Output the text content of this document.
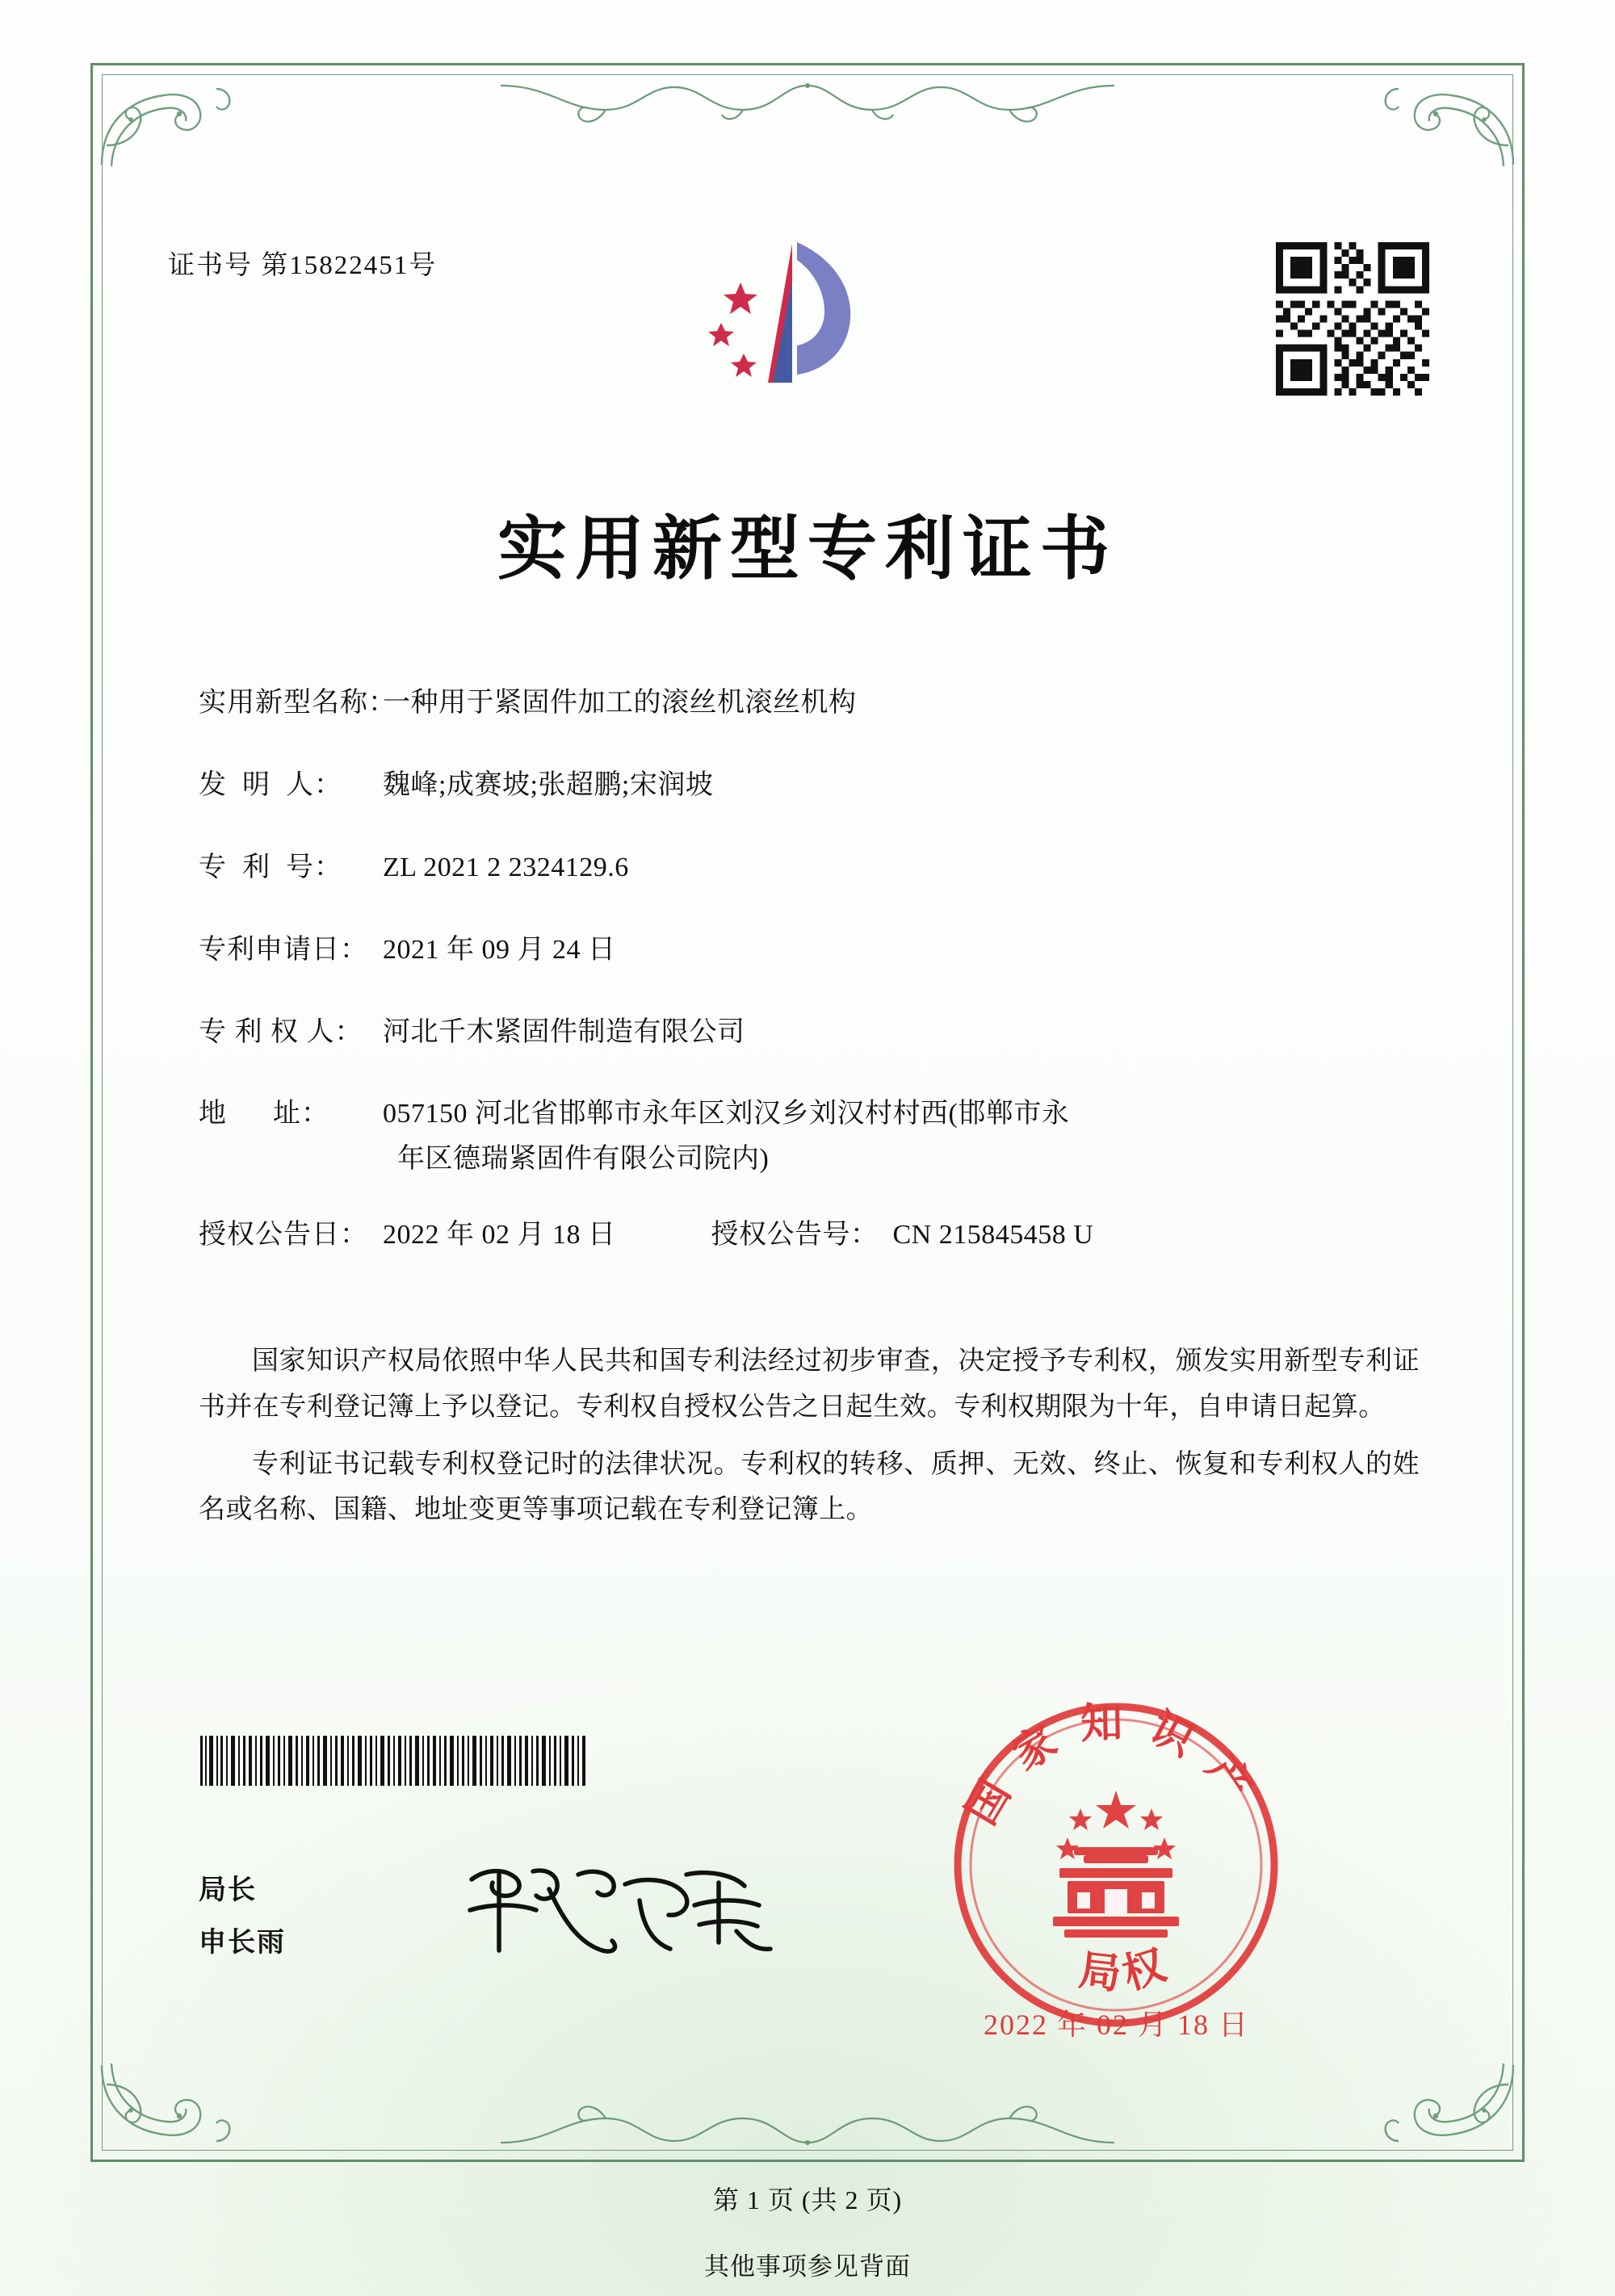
证书号 第15822451号
实用新型专利证书
实用新型名称：
一种用于紧固件加工的滚丝机滚丝机构
发  明  人：	魏峰;成赛坡;张超鹏;宋润坡
专  利  号：	ZL 2021 2 2324129.6
专利申请日： 2021 年 09 月 24 日
专 利 权 人： 河北千木紧固件制造有限公司
地      址：	057150 河北省邯郸市永年区刘汉乡刘汉村村西(邯郸市永
年区德瑞紧固件有限公司院内)
授权公告日： 2022 年 02 月 18 日	授权公告号： CN 215845458 U

国家知识产权局依照中华人民共和国专利法经过初步审查，决定授予专利权，颁发实用新型专利证书并在专利登记簿上予以登记。专利权自授权公告之日起生效。专利权期限为十年，自申请日起算。

专利证书记载专利权登记时的法律状况。专利权的转移、质押、无效、终止、恢复和专利权人的姓名或名称、国籍、地址变更等事项记载在专利登记簿上。

局长
申长雨
国家知识产
局权
2022 年 02 月 18 日
第 1 页 (共 2 页)
其他事项参见背面
